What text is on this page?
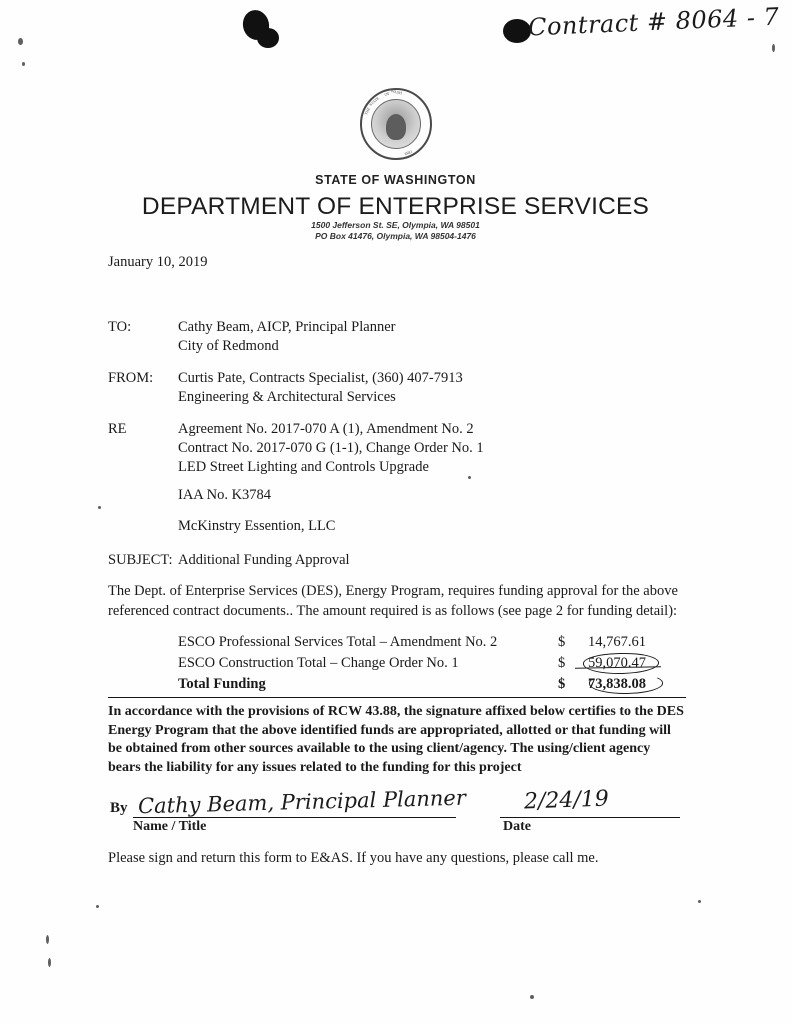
Contract # 8064 - 7
THE
STATE
OF WASH
1889
STATE OF WASHINGTON
DEPARTMENT OF ENTERPRISE SERVICES
1500 Jefferson St. SE, Olympia, WA 98501
PO Box 41476, Olympia, WA 98504-1476
January 10, 2019
TO:	Cathy Beam, AICP, Principal Planner
City of Redmond
FROM:	Curtis Pate, Contracts Specialist, (360) 407-7913
Engineering & Architectural Services
RE	Agreement No. 2017-070 A (1), Amendment No. 2
Contract No. 2017-070 G (1-1), Change Order No. 1
LED Street Lighting and Controls Upgrade
IAA No. K3784
McKinstry Essention, LLC
SUBJECT: Additional Funding Approval
The Dept. of Enterprise Services (DES), Energy Program, requires funding approval for the above referenced contract documents.. The amount required is as follows (see page 2 for funding detail):
ESCO Professional Services Total – Amendment No. 2	$ 14,767.61
ESCO Construction Total – Change Order No. 1	$ 59,070.47
Total Funding	$ 73,838.08
In accordance with the provisions of RCW 43.88, the signature affixed below certifies to the DES Energy Program that the above identified funds are appropriated, allotted or that funding will be obtained from other sources available to the using client/agency. The using/client agency bears the liability for any issues related to the funding for this project
By Cathy Beam, Principal Planner	2/24/19
Name / Title	Date
Please sign and return this form to E&AS. If you have any questions, please call me.
